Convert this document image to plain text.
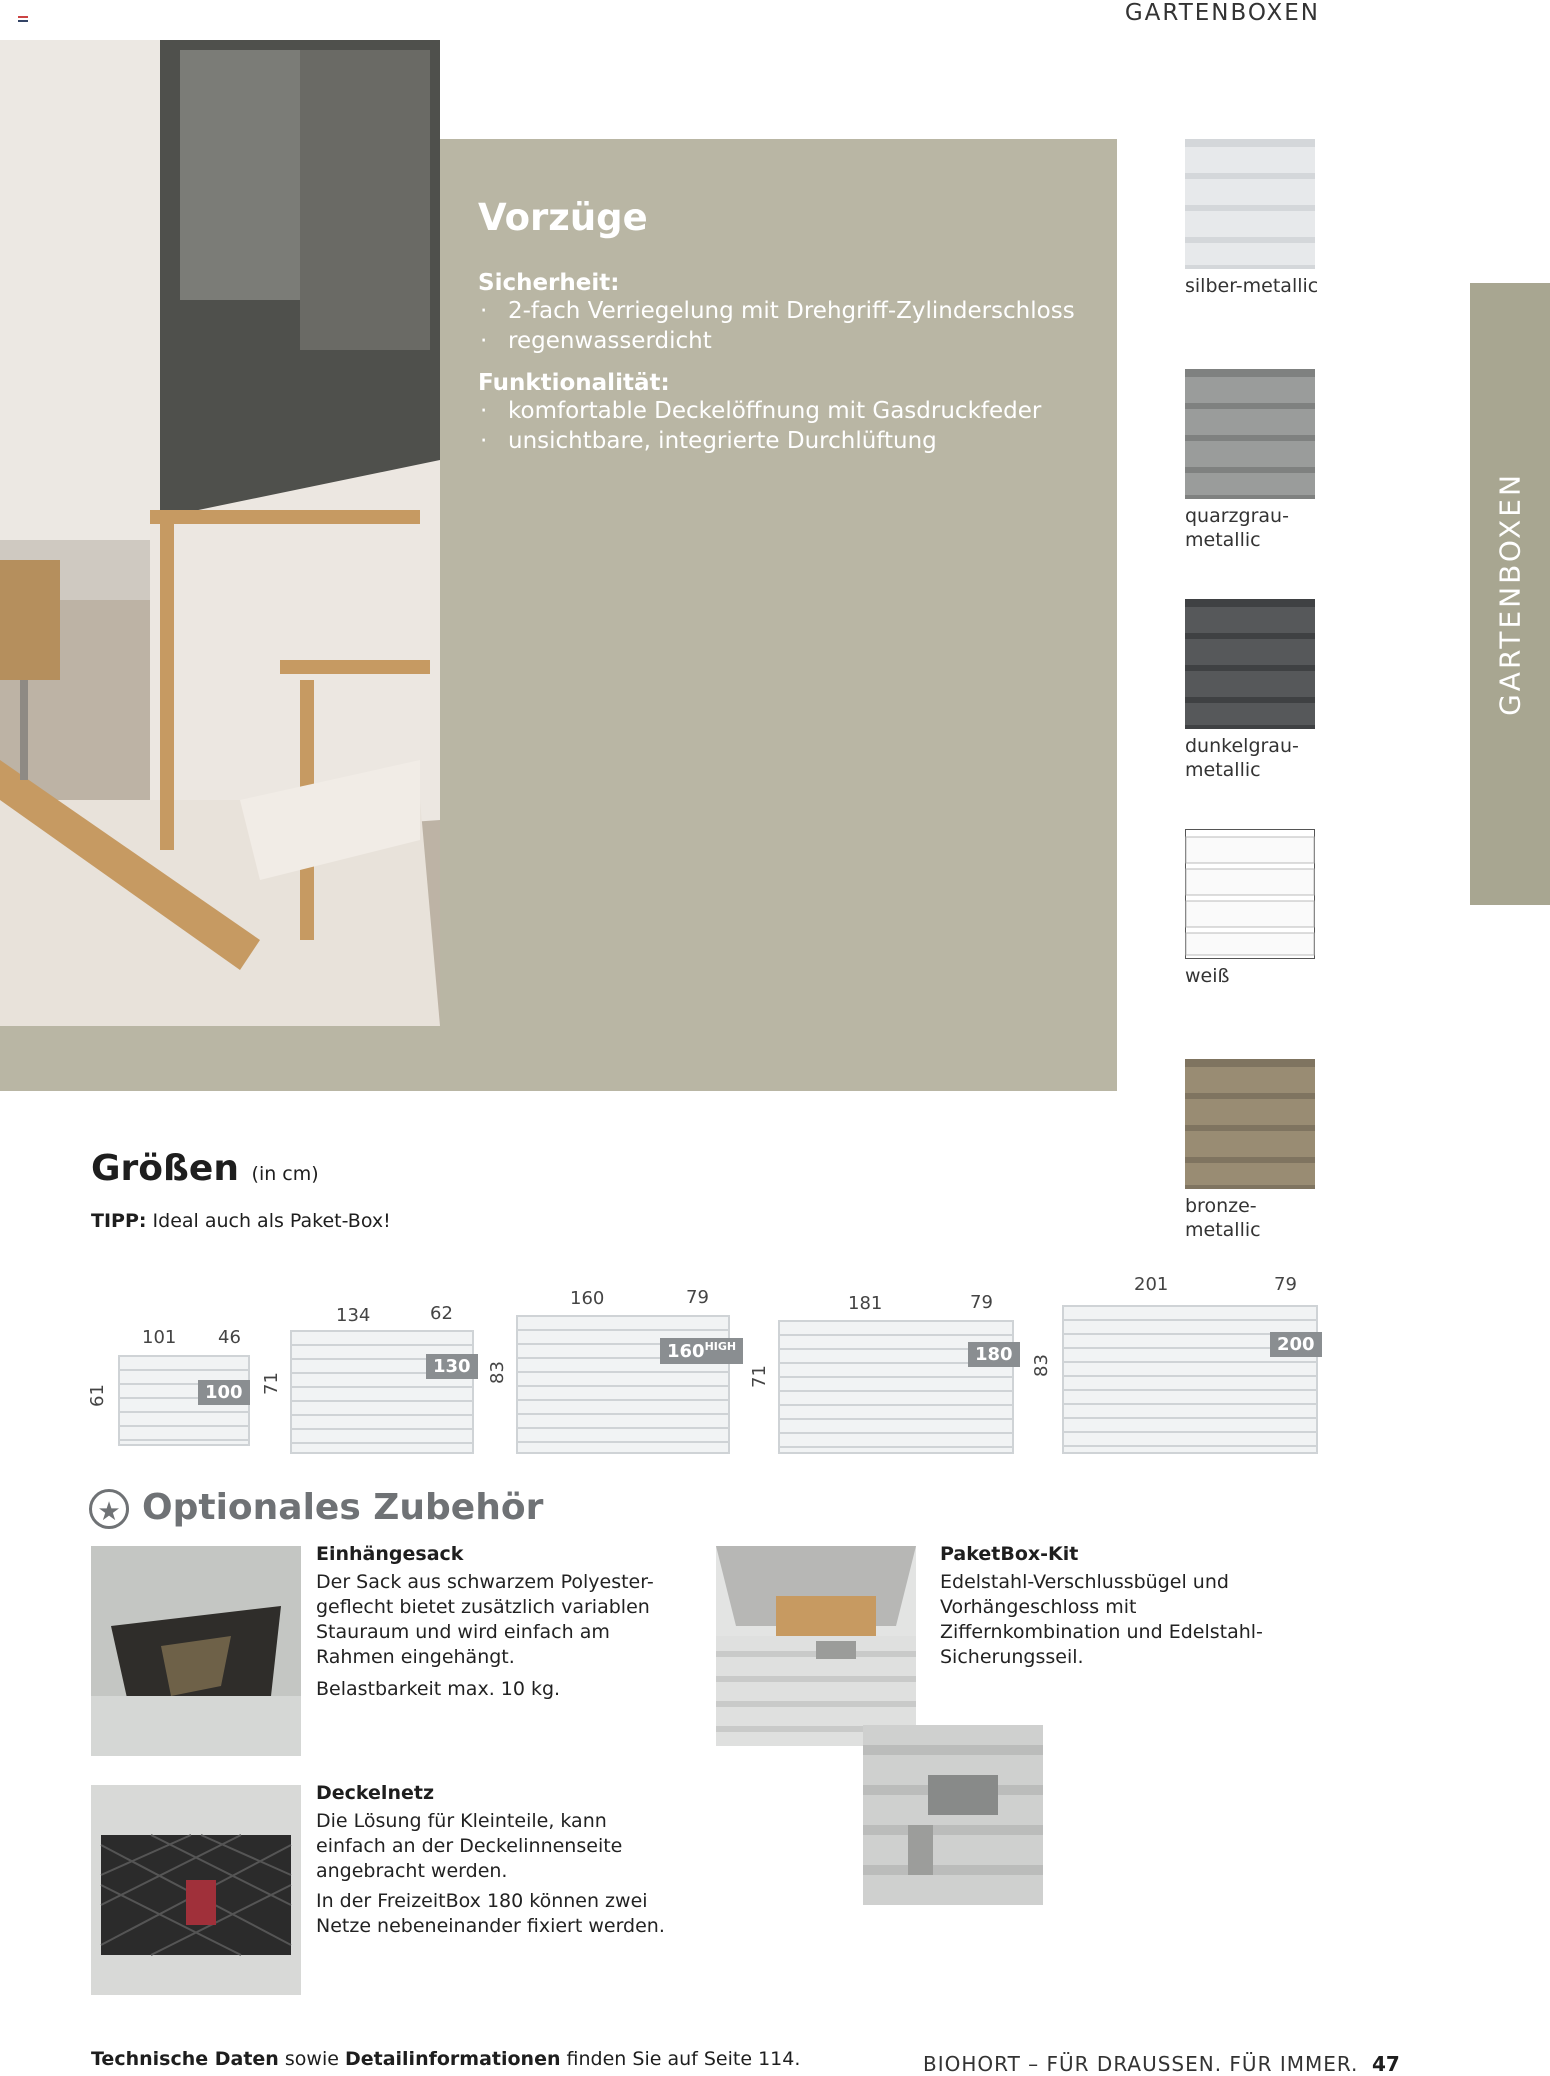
GARTENBOXEN
Vorzüge
Sicherheit:
· 2-fach Verriegelung mit Drehgriff-Zylinderschloss
· regenwasserdicht
Funktionalität:
· komfortable Deckelöffnung mit Gasdruckfeder
· unsichtbare, integrierte Durchlüftung
silber-metallic
quarzgrau-metallic
dunkelgrau-metallic
weiß
bronze-metallic
GARTENBOXEN
Größen (in cm)
TIPP: Ideal auch als Paket-Box!
101 46
61	100
134	62
71
130
160	79
83
$160^{HIGH}$
181	79
71
180
201	79
83
200
★ Optionales Zubehör
Einhängesack
Der Sack aus schwarzem Polyester-geflecht bietet zusätzlich variablen Stauraum und wird einfach am Rahmen eingehängt.
Belastbarkeit max. 10 kg.
Deckelnetz
Die Lösung für Kleinteile, kann einfach an der Deckelinnenseite angebracht werden.
In der FreizeitBox 180 können zwei Netze nebeneinander fixiert werden.
PaketBox-Kit
Edelstahl-Verschlussbügel und Vorhängeschloss mit Ziffernkombination und Edelstahl-Sicherungsseil.
Technische Daten sowie Detailinformationen finden Sie auf Seite 114.	BIOHORT – FÜR DRAUSSEN. FÜR IMMER. 47
